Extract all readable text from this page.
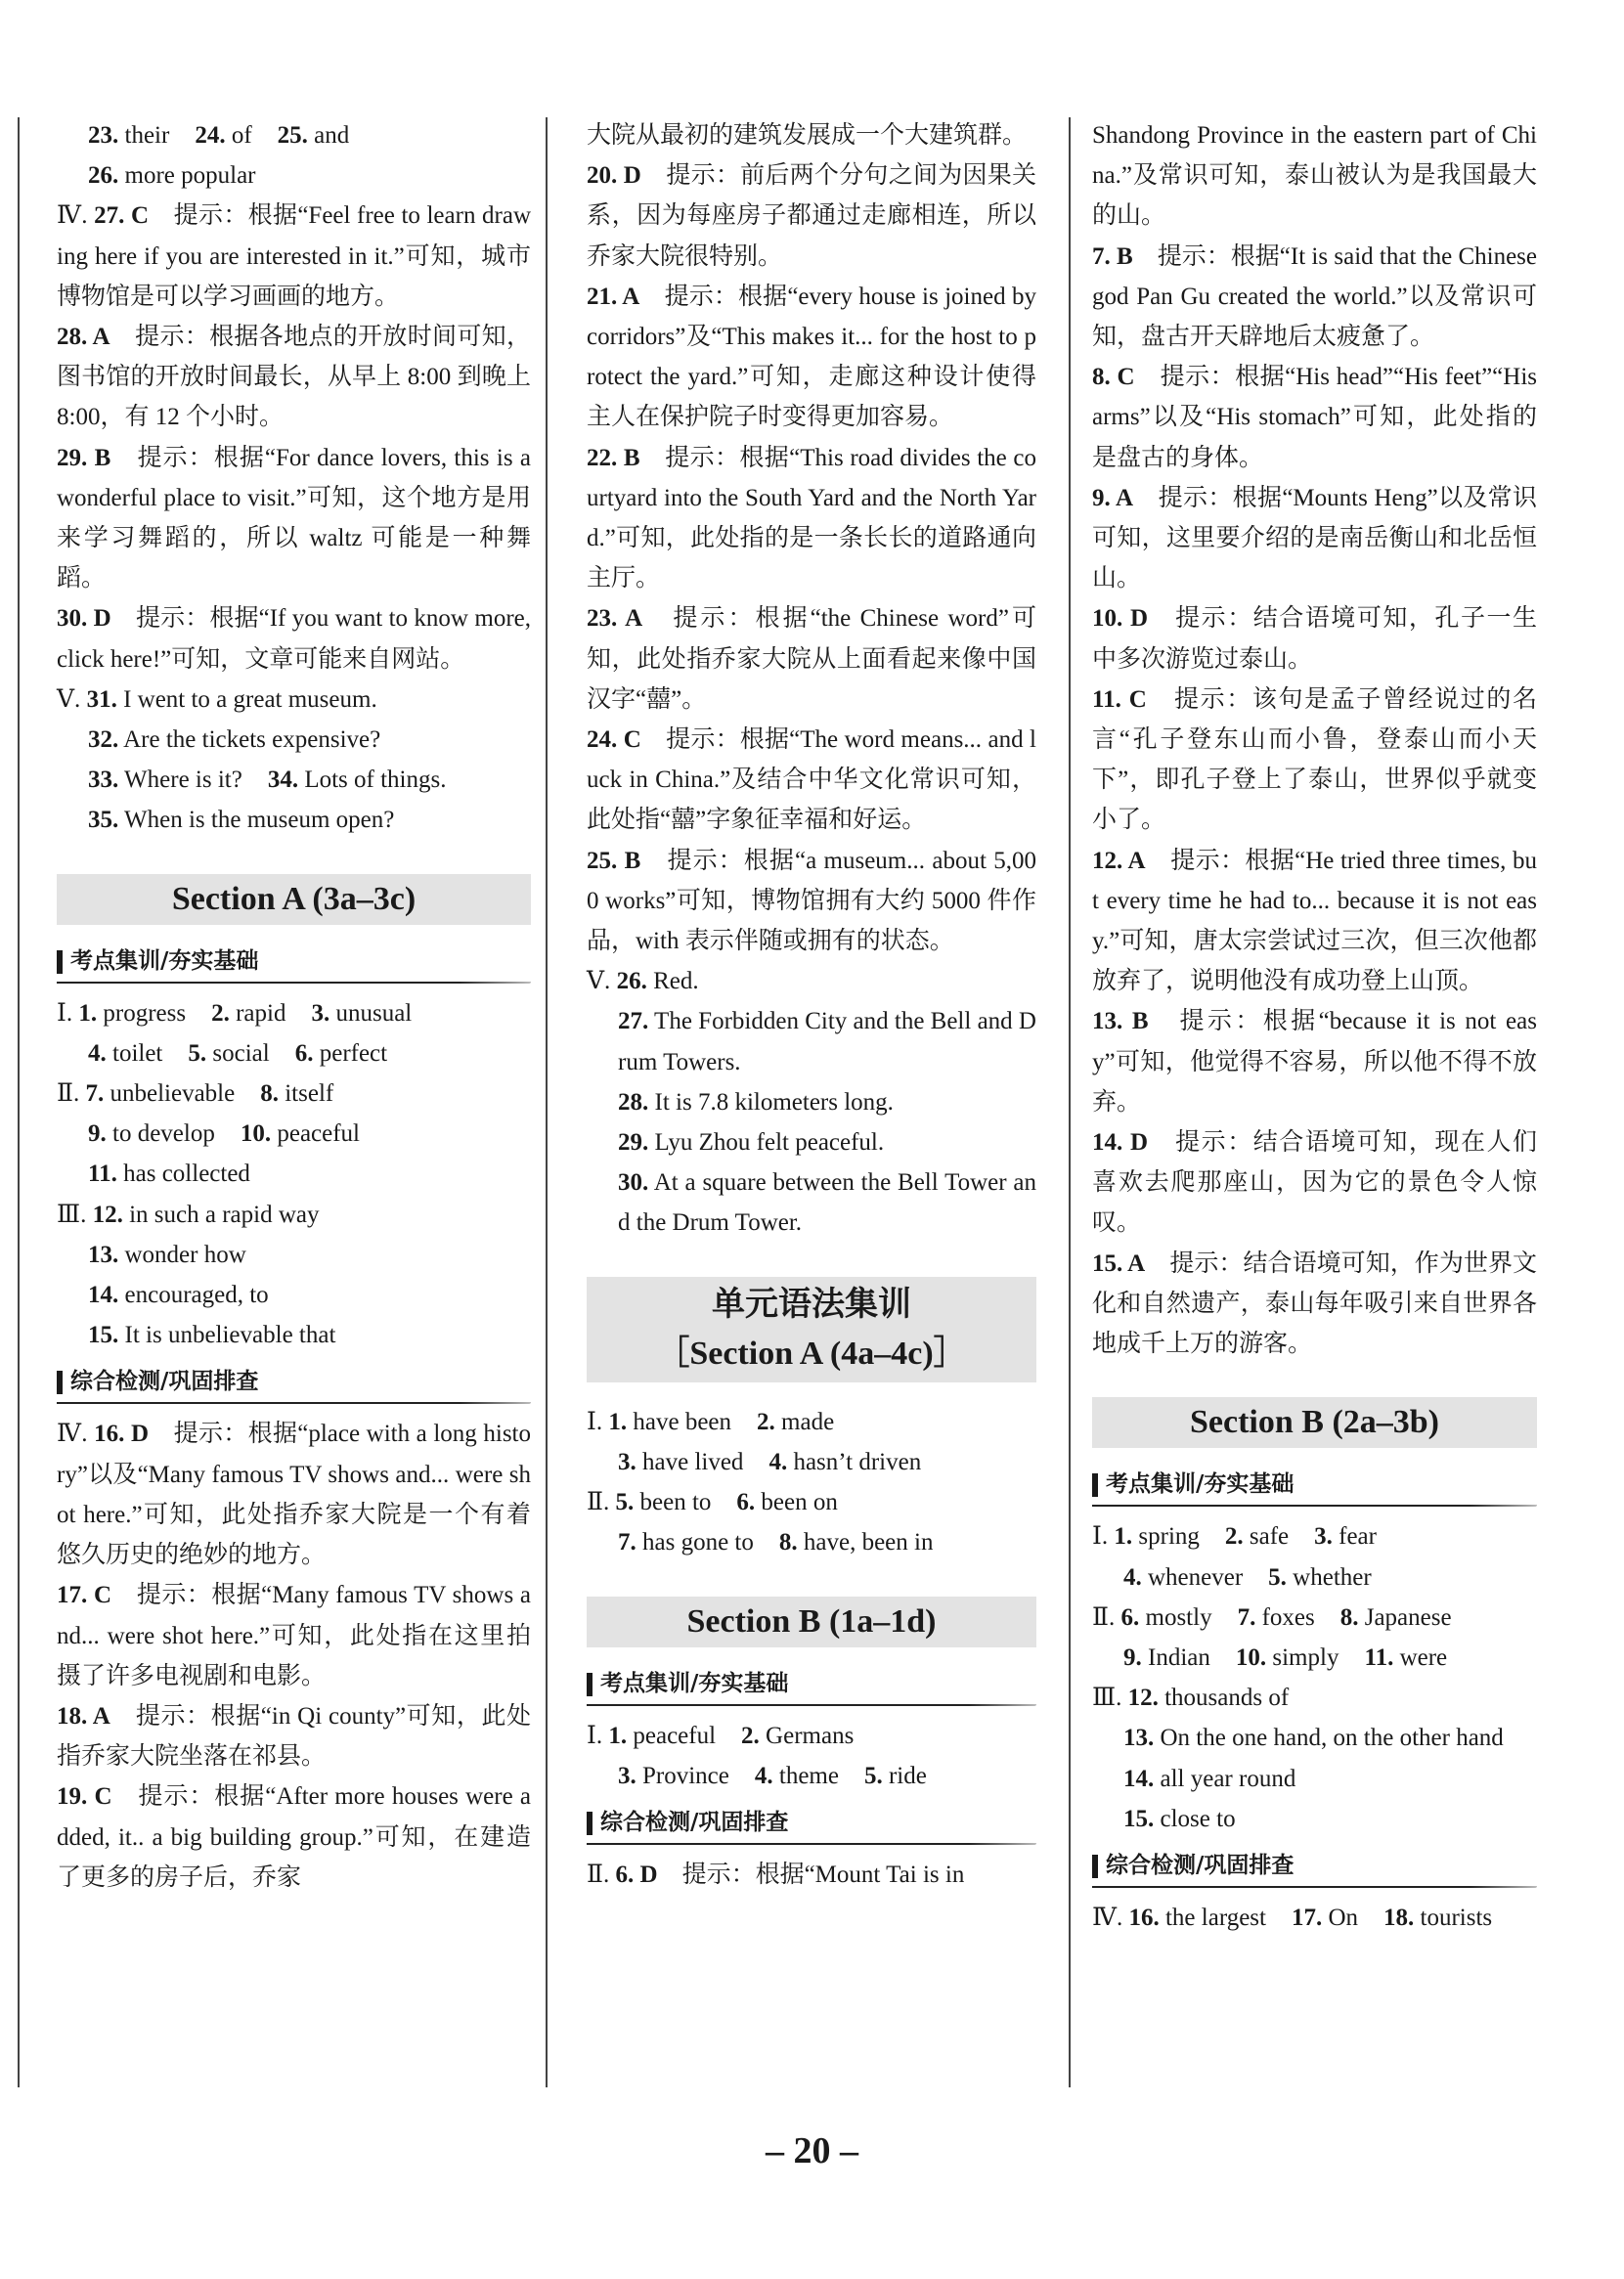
23. their 24. of 25. and

26. more popular

Ⅳ. 27. C　提示：根据“Feel free to learn drawing here if you are interested in it.”可知，城市博物馆是可以学习画画的地方。

28. A　提示：根据各地点的开放时间可知，图书馆的开放时间最长，从早上 8:00 到晚上 8:00，有 12 个小时。

29. B　提示：根据“For dance lovers, this is a wonderful place to visit.”可知，这个地方是用来学习舞蹈的，所以 waltz 可能是一种舞蹈。

30. D　提示：根据“If you want to know more, click here!”可知，文章可能来自网站。

Ⅴ. 31. I went to a great museum.

32. Are the tickets expensive?

33. Where is it? 34. Lots of things.

35. When is the museum open?

Section A (3a–3c)
考点集训/夯实基础

Ⅰ. 1. progress 2. rapid 3. unusual

4. toilet 5. social 6. perfect

Ⅱ. 7. unbelievable 8. itself

9. to develop 10. peaceful

11. has collected

Ⅲ. 12. in such a rapid way

13. wonder how

14. encouraged, to

15. It is unbelievable that

综合检测/巩固排查

Ⅳ. 16. D　提示：根据“place with a long history”以及“Many famous TV shows and... were shot here.”可知，此处指乔家大院是一个有着悠久历史的绝妙的地方。

17. C　提示：根据“Many famous TV shows and... were shot here.”可知，此处指在这里拍摄了许多电视剧和电影。

18. A　提示：根据“in Qi county”可知，此处指乔家大院坐落在祁县。

19. C　提示：根据“After more houses were added, it.. a big building group.”可知，在建造了更多的房子后，乔家

大院从最初的建筑发展成一个大建筑群。

20. D　提示：前后两个分句之间为因果关系，因为每座房子都通过走廊相连，所以乔家大院很特别。

21. A　提示：根据“every house is joined by corridors”及“This makes it... for the host to protect the yard.”可知，走廊这种设计使得主人在保护院子时变得更加容易。

22. B　提示：根据“This road divides the courtyard into the South Yard and the North Yard.”可知，此处指的是一条长长的道路通向主厅。

23. A　提示：根据“the Chinese word”可知，此处指乔家大院从上面看起来像中国汉字“囍”。

24. C　提示：根据“The word means... and luck in China.”及结合中华文化常识可知，此处指“囍”字象征幸福和好运。

25. B　提示：根据“a museum... about 5,000 works”可知，博物馆拥有大约 5000 件作品，with 表示伴随或拥有的状态。

Ⅴ. 26. Red.

27. The Forbidden City and the Bell and Drum Towers.

28. It is 7.8 kilometers long.

29. Lyu Zhou felt peaceful.

30. At a square between the Bell Tower and the Drum Tower.

单元语法集训
［Section A (4a–4c)］

Ⅰ. 1. have been 2. made

3. have lived 4. hasn’t driven

Ⅱ. 5. been to 6. been on

7. has gone to 8. have, been in

Section B (1a–1d)
考点集训/夯实基础

Ⅰ. 1. peaceful 2. Germans

3. Province 4. theme 5. ride

综合检测/巩固排查

Ⅱ. 6. D　提示：根据“Mount Tai is in

Shandong Province in the eastern part of China.”及常识可知，泰山被认为是我国最大的山。

7. B　提示：根据“It is said that the Chinese god Pan Gu created the world.”以及常识可知，盘古开天辟地后太疲惫了。

8. C　提示：根据“His head”“His feet”“His arms”以及“His stomach”可知，此处指的是盘古的身体。

9. A　提示：根据“Mounts Heng”以及常识可知，这里要介绍的是南岳衡山和北岳恒山。

10. D　提示：结合语境可知，孔子一生中多次游览过泰山。

11. C　提示：该句是孟子曾经说过的名言“孔子登东山而小鲁，登泰山而小天下”，即孔子登上了泰山，世界似乎就变小了。

12. A　提示：根据“He tried three times, but every time he had to... because it is not easy.”可知，唐太宗尝试过三次，但三次他都放弃了，说明他没有成功登上山顶。

13. B　提示：根据“because it is not easy”可知，他觉得不容易，所以他不得不放弃。

14. D　提示：结合语境可知，现在人们喜欢去爬那座山，因为它的景色令人惊叹。

15. A　提示：结合语境可知，作为世界文化和自然遗产，泰山每年吸引来自世界各地成千上万的游客。

Section B (2a–3b)
考点集训/夯实基础

Ⅰ. 1. spring 2. safe 3. fear

4. whenever 5. whether

Ⅱ. 6. mostly 7. foxes 8. Japanese

9. Indian 10. simply 11. were

Ⅲ. 12. thousands of

13. On the one hand, on the other hand

14. all year round

15. close to

综合检测/巩固排查

Ⅳ. 16. the largest 17. On 18. tourists

– 20 –
